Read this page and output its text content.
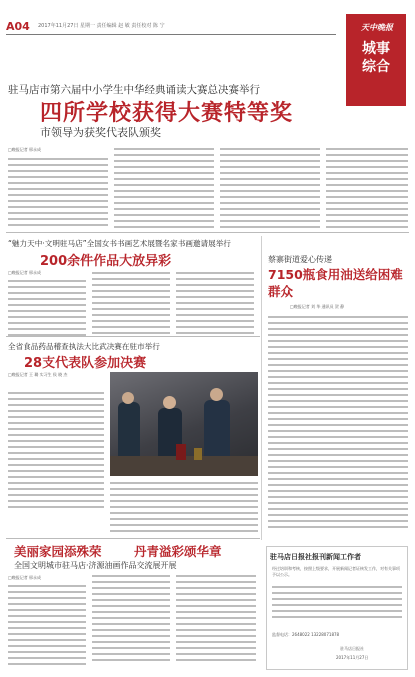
A04 2017年11月27日 星期一 责任编辑 赵 敏 责任校对 陈 宁	天中晚报
城事综合
驻马店市第六届中小学生中华经典诵读大赛总决赛举行
四所学校获得大赛特等奖
市领导为获奖代表队颁奖
□晚报记者 邢永成
“魅力天中·文明驻马店”全国女书书画艺术展暨名家书画邀请展举行
200余件作品大放异彩
□晚报记者 邢永成
蔡寨街道爱心传递
7150瓶食用油送给困难群众
□晚报记者 刘 华 通讯员 贺 静
全省食品药品稽查执法大比武决赛在驻市举行
28支代表队参加决赛
□晚报记者 王 璐 实习生 侯 晓 杰
美丽家园添殊荣	丹青溢彩颂华章
全国文明城市驻马店·济源油画作品交流展开展
□晚报记者 邢永成
驻马店日报社报刊新闻工作者
经过培训和考核，按照上级要求，开展新闻记者证核发工作，对有关事项予以公示。
监督电话：2648022 13228071878
驻马店日报社
2017年11月27日
